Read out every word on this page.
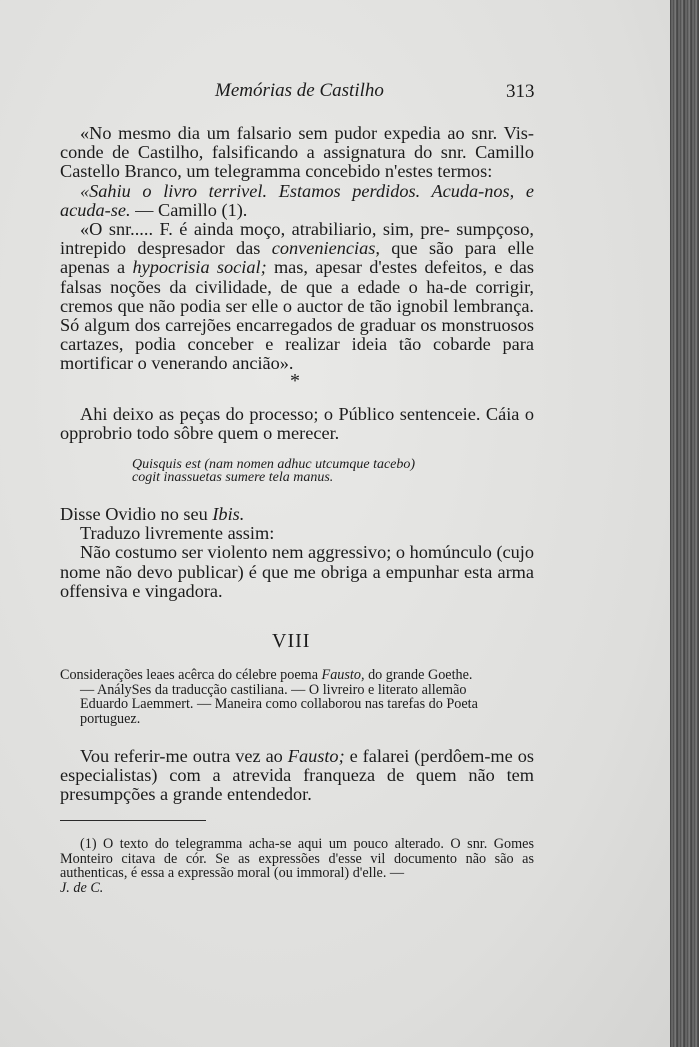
Memórias de Castilho	313

«No mesmo dia um falsario sem pudor expedia ao snr. Vis- conde de Castilho, falsificando a assignatura do snr. Camillo Castello Branco, um telegramma concebido n'estes termos:

«Sahiu o livro terrivel. Estamos perdidos. Acuda-nos, e acuda-se. — Camillo (1).

«O snr..... F. é ainda moço, atrabiliario, sim, pre- sumpçoso, intrepido despresador das conveniencias, que são para elle apenas a hypocrisia social; mas, apesar d'estes defeitos, e das falsas noções da civilidade, de que a edade o ha-de corrigir, cremos que não podia ser elle o auctor de tão ignobil lembrança. Só algum dos carrejões encarregados de graduar os monstruosos cartazes, podia conceber e realizar ideia tão cobarde para mortificar o venerando ancião».

*

Ahi deixo as peças do processo; o Público sentenceie. Cáia o opprobrio todo sôbre quem o merecer.

Quisquis est (nam nomen adhuc utcumque tacebo)
cogit inassuetas sumere tela manus.

Disse Ovidio no seu Ibis.

Traduzo livremente assim:

Não costumo ser violento nem aggressivo; o homúnculo (cujo nome não devo publicar) é que me obriga a empunhar esta arma offensiva e vingadora.

VIII

Considerações leaes acêrca do célebre poema Fausto, do grande Goethe.

— AnálySes da traducção castiliana. — O livreiro e literato allemão

Eduardo Laemmert. — Maneira como collaborou nas tarefas do Poeta

portuguez.

Vou referir-me outra vez ao Fausto; e falarei (perdôem-me os especialistas) com a atrevida franqueza de quem não tem presumpções a grande entendedor.

(1) O texto do telegramma acha-se aqui um pouco alterado. O snr. Gomes Monteiro citava de cór. Se as expressões d'esse vil documento não são as authenticas, é essa a expressão moral (ou immoral) d'elle. —

J. de C.
